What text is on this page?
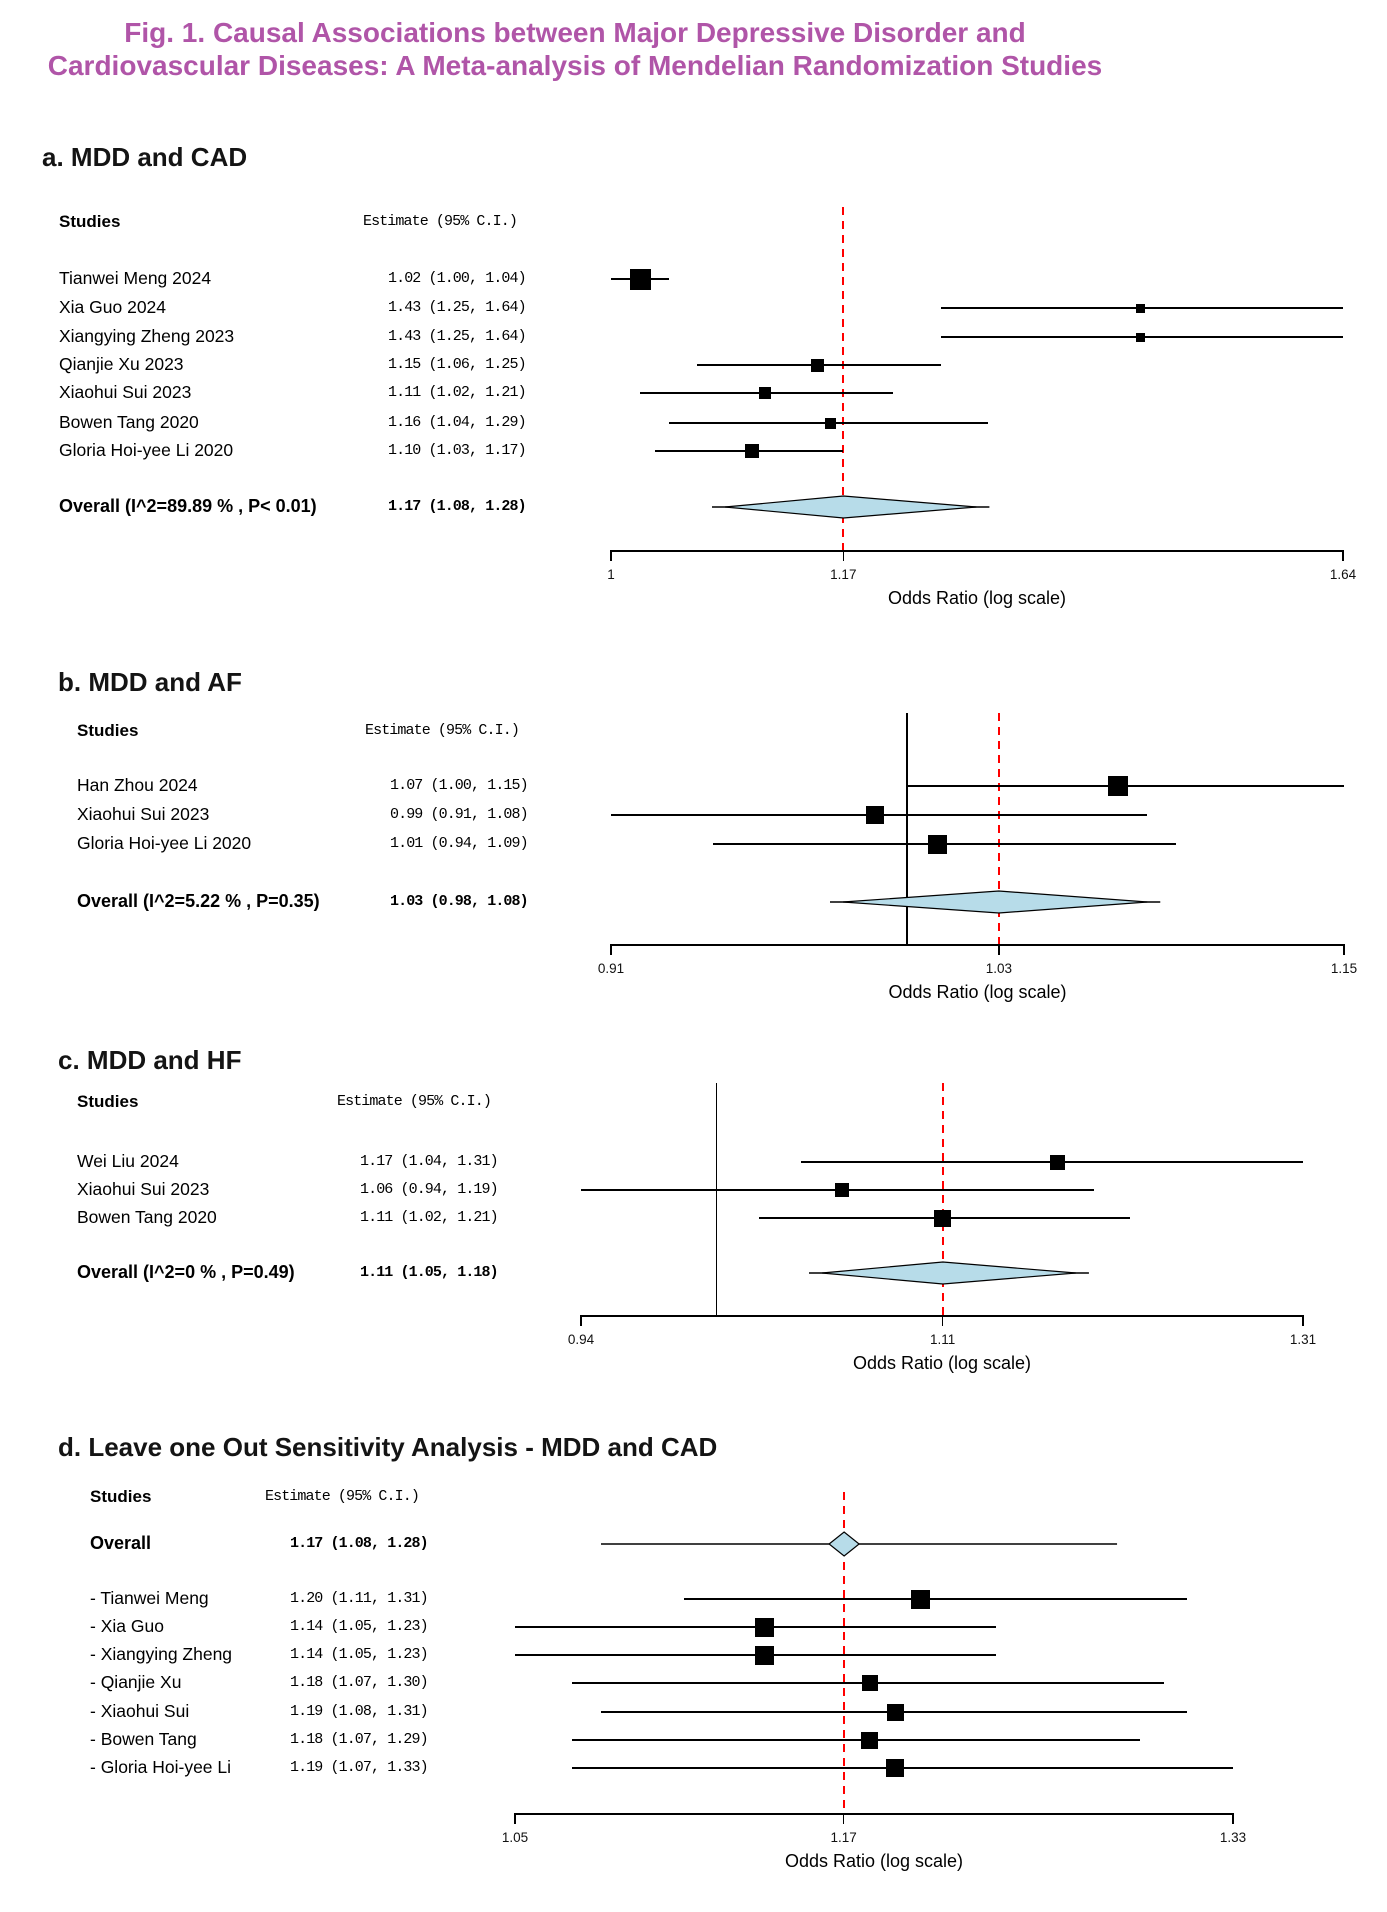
Fig. 1. Causal Associations between Major Depressive Disorder and
Cardiovascular Diseases: A Meta-analysis of Mendelian Randomization Studies
a. MDD and CAD
Studies	Estimate (95% C.I.)
Tianwei Meng 2024	1.02 (1.00, 1.04)
Xia Guo 2024	1.43 (1.25, 1.64)
Xiangying Zheng 2023	1.43 (1.25, 1.64)
Qianjie Xu 2023	1.15 (1.06, 1.25)
Xiaohui Sui 2023	1.11 (1.02, 1.21)
Bowen Tang 2020	1.16 (1.04, 1.29)
Gloria Hoi-yee Li 2020	1.10 (1.03, 1.17)
Overall (I^2=89.89 % , P< 0.01)	1.17 (1.08, 1.28)
1	1.17	1.64
Odds Ratio (log scale)
b. MDD and AF
Studies	Estimate (95% C.I.)
Han Zhou 2024	1.07 (1.00, 1.15)
Xiaohui Sui 2023	0.99 (0.91, 1.08)
Gloria Hoi-yee Li 2020	1.01 (0.94, 1.09)
Overall (I^2=5.22 % , P=0.35)	1.03 (0.98, 1.08)
0.91	1.03	1.15
Odds Ratio (log scale)
c. MDD and HF
Studies	Estimate (95% C.I.)
Wei Liu 2024	1.17 (1.04, 1.31)
Xiaohui Sui 2023	1.06 (0.94, 1.19)
Bowen Tang 2020	1.11 (1.02, 1.21)
Overall (I^2=0 % , P=0.49)	1.11 (1.05, 1.18)
0.94	1.11	1.31
Odds Ratio (log scale)
d. Leave one Out Sensitivity Analysis - MDD and CAD
Studies	Estimate (95% C.I.)
- Tianwei Meng	1.20 (1.11, 1.31)
- Xia Guo	1.14 (1.05, 1.23)
- Xiangying Zheng	1.14 (1.05, 1.23)
- Qianjie Xu	1.18 (1.07, 1.30)
- Xiaohui Sui	1.19 (1.08, 1.31)
- Bowen Tang	1.18 (1.07, 1.29)
- Gloria Hoi-yee Li	1.19 (1.07, 1.33)
Overall	1.17 (1.08, 1.28)
1.05	1.17	1.33
Odds Ratio (log scale)
